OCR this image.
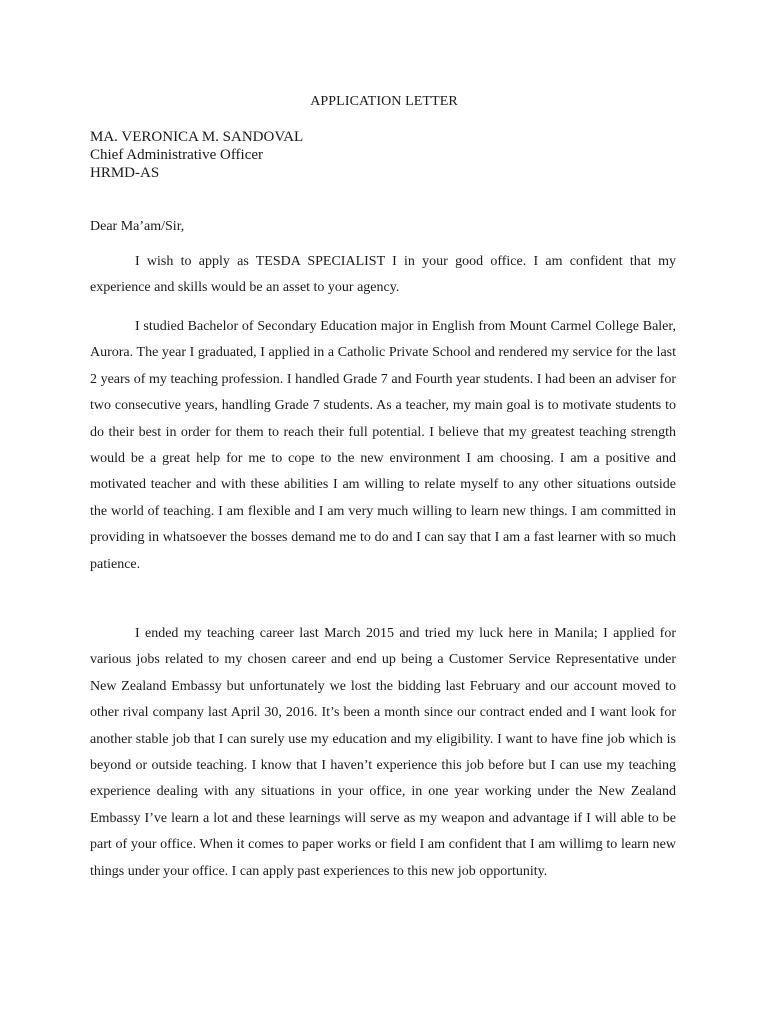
APPLICATION LETTER
MA. VERONICA M. SANDOVAL
Chief Administrative Officer
HRMD-AS
Dear Ma’am/Sir,

I wish to apply as TESDA SPECIALIST I in your good office. I am confident that my experience and skills would be an asset to your agency.

I studied Bachelor of Secondary Education major in English from Mount Carmel College Baler, Aurora. The year I graduated, I applied in a Catholic Private School and rendered my service for the last 2 years of my teaching profession. I handled Grade 7 and Fourth year students. I had been an adviser for two consecutive years, handling Grade 7 students. As a teacher, my main goal is to motivate students to do their best in order for them to reach their full potential. I believe that my greatest teaching strength would be a great help for me to cope to the new environment I am choosing. I am a positive and motivated teacher and with these abilities I am willing to relate myself to any other situations outside the world of teaching. I am flexible and I am very much willing to learn new things. I am committed in providing in whatsoever the bosses demand me to do and I can say that I am a fast learner with so much patience.

I ended my teaching career last March 2015 and tried my luck here in Manila; I applied for various jobs related to my chosen career and end up being a Customer Service Representative under New Zealand Embassy but unfortunately we lost the bidding last February and our account moved to other rival company last April 30, 2016. It’s been a month since our contract ended and I want look for another stable job that I can surely use my education and my eligibility. I want to have fine job which is beyond or outside teaching. I know that I haven’t experience this job before but I can use my teaching experience dealing with any situations in your office, in one year working under the New Zealand Embassy I’ve learn a lot and these learnings will serve as my weapon and advantage if I will able to be part of your office. When it comes to paper works or field I am confident that I am willimg to learn new things under your office. I can apply past experiences to this new job opportunity.
